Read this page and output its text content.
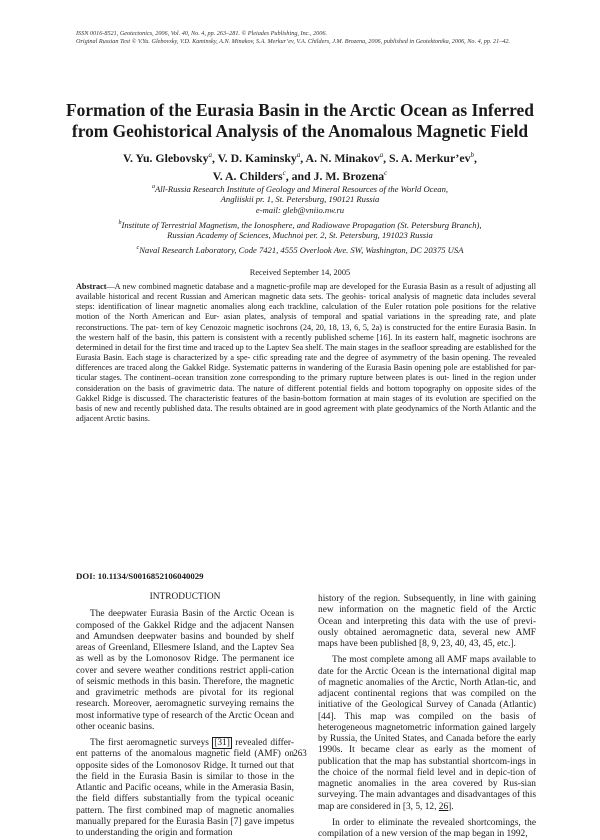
ISSN 0016-8521, Geotectonics, 2006, Vol. 40, No. 4, pp. 263–281. © Pleiades Publishing, Inc., 2006.
Original Russian Text © V.Yu. Glebovsky, V.D. Kaminsky, A.N. Minakov, S.A. Merkur’ev, V.A. Childers, J.M. Brozena, 2006, published in Geotektonika, 2006, No. 4, pp. 21–42.
Formation of the Eurasia Basin in the Arctic Ocean as Inferred
from Geohistorical Analysis of the Anomalous Magnetic Field
V. Yu. Glebovsky$^a$, V. D. Kaminsky$^a$, A. N. Minakov$^a$, S. A. $Merkur’ev^b$,
V. A. Childers$^c$, and J. M. Brozena$^c$
$^a$All-Russia Research Institute of Geology and Mineral Resources of the World Ocean,
Angliiskii pr. 1, St. Petersburg, 190121 Russia
e-mail: gleb@vniio.nw.ru
$^b$Institute of Terrestrial Magnetism, the Ionosphere, and Radiowave Propagation (St. Petersburg Branch),
Russian Academy of Sciences, Muchnoi per. 2, St. Petersburg, 191023 Russia
$^c$Naval Research Laboratory, Code 7421, 4555 Overlook Ave. SW, Washington, DC 20375 USA
Received September 14, 2005
Abstract—A new combined magnetic database and a magnetic-profile map are developed for the Eurasia Basin as a result of adjusting all available historical and recent Russian and American magnetic data sets. The geohis- torical analysis of magnetic data includes several steps: identification of linear magnetic anomalies along each trackline, calculation of the Euler rotation pole positions for the relative motion of the North American and Eur- asian plates, analysis of temporal and spatial variations in the spreading rate, and plate reconstructions. The pat- tern of key Cenozoic magnetic isochrons (24, 20, 18, 13, 6, 5, 2a) is constructed for the entire Eurasia Basin. In the western half of the basin, this pattern is consistent with a recently published scheme [16]. In its eastern half, magnetic isochrons are determined in detail for the first time and traced up to the Laptev Sea shelf. The main stages in the seafloor spreading are established for the Eurasia Basin. Each stage is characterized by a spe- cific spreading rate and the degree of asymmetry of the basin opening. The revealed differences are traced along the Gakkel Ridge. Systematic patterns in wandering of the Eurasia Basin opening pole are established for par- ticular stages. The continent–ocean transition zone corresponding to the primary rupture between plates is out- lined in the region under consideration on the basis of gravimetric data. The nature of different potential fields and bottom topography on opposite sides of the Gakkel Ridge is discussed. The characteristic features of the basin-bottom formation at main stages of its evolution are specified on the basis of new and recently published data. The results obtained are in good agreement with plate geodynamics of the North Atlantic and the adjacent Arctic basins.
DOI: 10.1134/S0016852106040029
INTRODUCTION

The deepwater Eurasia Basin of the Arctic Ocean is composed of the Gakkel Ridge and the adjacent Nansen and Amundsen deepwater basins and bounded by shelf areas of Greenland, Ellesmere Island, and the Laptev Sea as well as by the Lomonosov Ridge. The permanent ice cover and severe weather conditions restrict appli-cation of seismic methods in this basin. Therefore, the magnetic and gravimetric methods are pivotal for its regional research. Moreover, aeromagnetic surveying remains the most informative type of research of the Arctic Ocean and other oceanic basins.

The first aeromagnetic surveys [31] revealed differ-ent patterns of the anomalous magnetic field (AMF) on opposite sides of the Lomonosov Ridge. It turned out that the field in the Eurasia Basin is similar to those in the Atlantic and Pacific oceans, while in the Amerasia Basin, the field differs substantially from the typical oceanic pattern. The first combined map of magnetic anomalies manually prepared for the Eurasia Basin [7] gave impetus to understanding the origin and formation

history of the region. Subsequently, in line with gaining new information on the magnetic field of the Arctic Ocean and interpreting this data with the use of previ-ously obtained aeromagnetic data, several new AMF maps have been published [8, 9, 23, 40, 43, 45, etc.].

The most complete among all AMF maps available to date for the Arctic Ocean is the international digital map of magnetic anomalies of the Arctic, North Atlan-tic, and adjacent continental regions that was compiled on the initiative of the Geological Survey of Canada (Atlantic) [44]. This map was compiled on the basis of heterogeneous magnetometric information gained largely by Russia, the United States, and Canada before the early 1990s. It became clear as early as the moment of publication that the map has substantial shortcom-ings in the choice of the normal field level and in depic-tion of magnetic anomalies in the area covered by Rus-sian surveying. The main advantages and disadvantages of this map are considered in [3, 5, 12, 26].

In order to eliminate the revealed shortcomings, the compilation of a new version of the map began in 1992,

263
